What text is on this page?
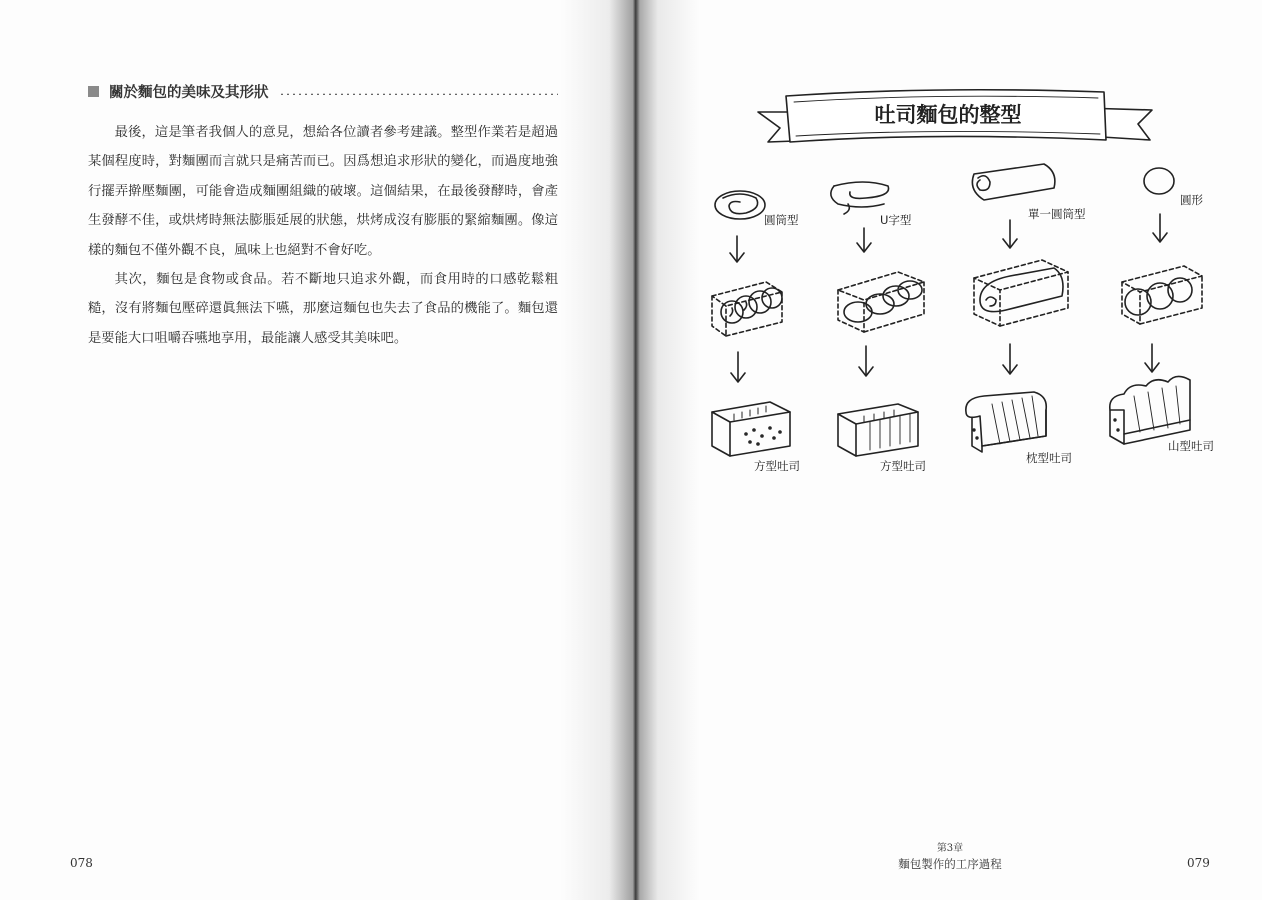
關於麵包的美味及其形狀

最後，這是筆者我個人的意見，想給各位讀者參考建議。整型作業若是超過某個程度時，對麵團而言就只是痛苦而已。因爲想追求形狀的變化，而過度地強行擺弄擀壓麵團，可能會造成麵團組織的破壞。這個結果，在最後發酵時，會產生發酵不佳，或烘烤時無法膨脹延展的狀態，烘烤成沒有膨脹的緊縮麵團。像這樣的麵包不僅外觀不良，風味上也絕對不會好吃。

其次，麵包是食物或食品。若不斷地只追求外觀，而食用時的口感乾鬆粗糙，沒有將麵包壓碎還眞無法下嚥，那麼這麵包也失去了食品的機能了。麵包還是要能大口咀嚼吞嚥地享用，最能讓人感受其美味吧。

078
吐司麵包的整型
圓筒型
方型吐司
U字型
方型吐司
單一圓筒型
枕型吐司
圓形
山型吐司
第3章
麵包製作的工序過程	079
